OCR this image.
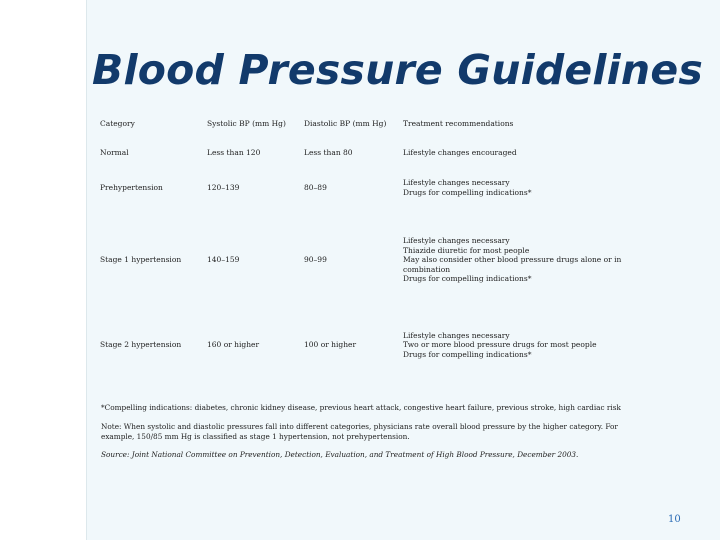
Blood Pressure Guidelines
Category	Systolic BP (mm Hg)	Diastolic BP (mm Hg)	Treatment recommendations
Normal	Less than 120	Less than 80	Lifestyle changes encouraged

Prehypertension	120–139	80–89	Lifestyle changes necessary
Drugs for compelling indications*

Stage 1 hypertension	140–159	90–99	Lifestyle changes necessary
Thiazide diuretic for most people
May also consider other blood pressure drugs alone or in
combination
Drugs for compelling indications*

Stage 2 hypertension	160 or higher	100 or higher	Lifestyle changes necessary
Two or more blood pressure drugs for most people
Drugs for compelling indications*

*Compelling indications: diabetes, chronic kidney disease, previous heart attack, congestive heart failure, previous stroke, high cardiac risk

Note: When systolic and diastolic pressures fall into different categories, physicians rate overall blood pressure by the higher category. For example, 150/85 mm Hg is classified as stage 1 hypertension, not prehypertension.

Source: Joint National Committee on Prevention, Detection, Evaluation, and Treatment of High Blood Pressure, December 2003.

10
